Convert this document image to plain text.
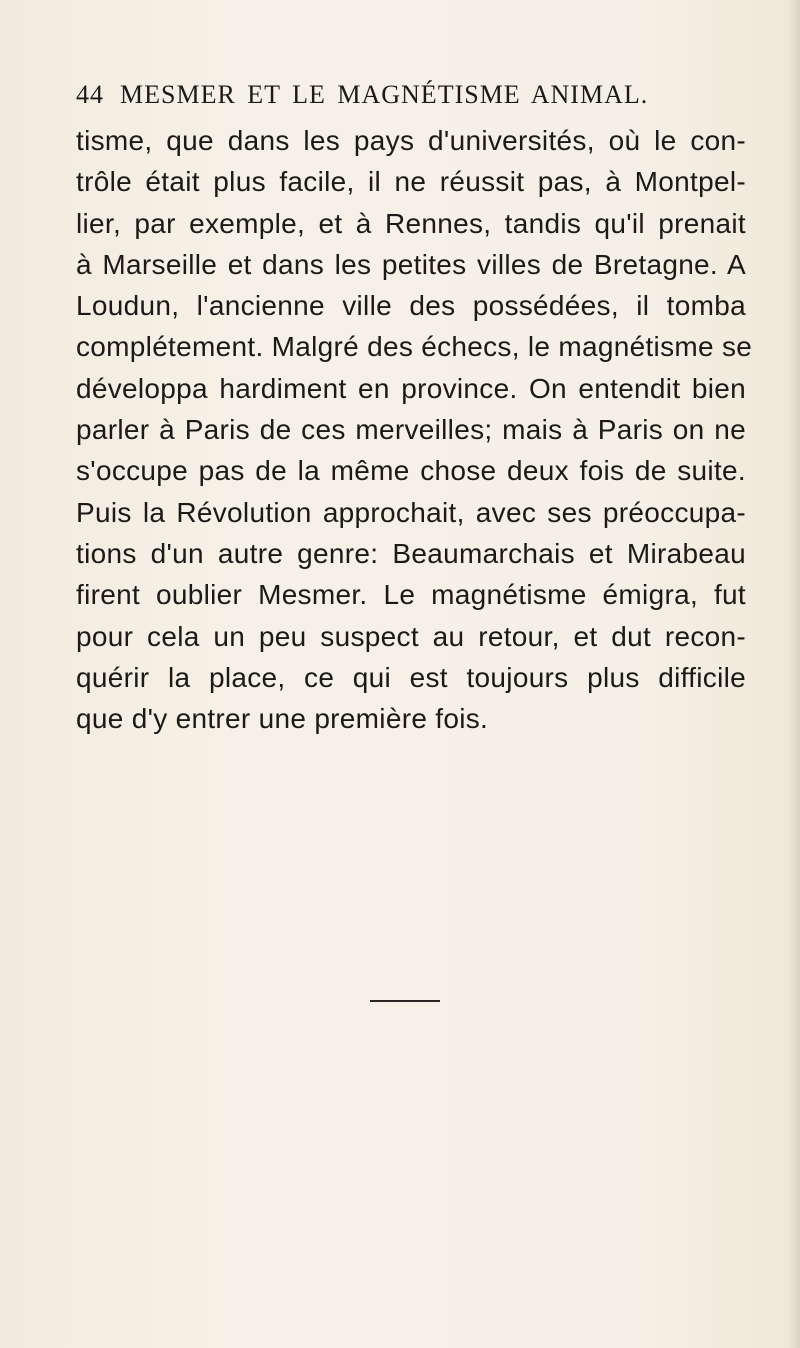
44 MESMER ET LE MAGNÉTISME ANIMAL.
tisme, que dans les pays d'universités, où le con-
trôle était plus facile, il ne réussit pas, à Montpel-
lier, par exemple, et à Rennes, tandis qu'il prenait
à Marseille et dans les petites villes de Bretagne. A
Loudun, l'ancienne ville des possédées, il tomba
complétement. Malgré des échecs, le magnétisme se
développa hardiment en province. On entendit bien
parler à Paris de ces merveilles; mais à Paris on ne
s'occupe pas de la même chose deux fois de suite.
Puis la Révolution approchait, avec ses préoccupa-
tions d'un autre genre: Beaumarchais et Mirabeau
firent oublier Mesmer. Le magnétisme émigra, fut
pour cela un peu suspect au retour, et dut recon-
quérir la place, ce qui est toujours plus difficile
que d'y entrer une première fois.
